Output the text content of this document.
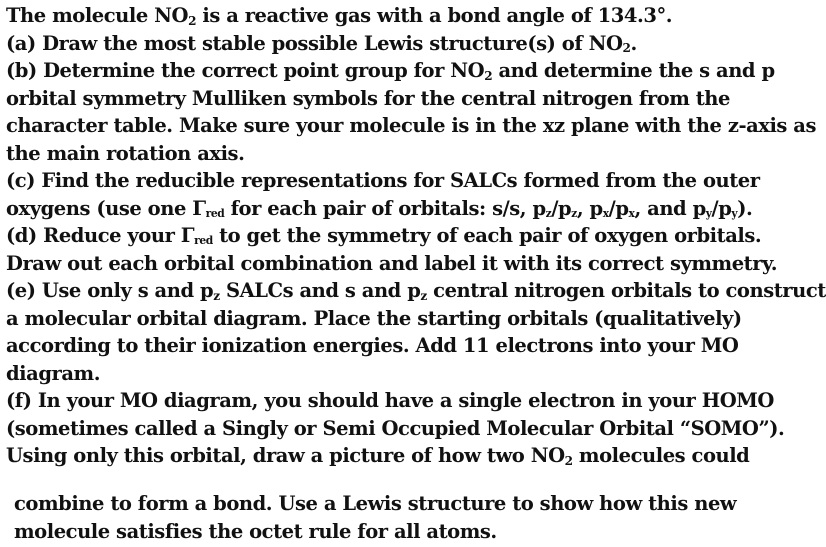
The molecule NO2 is a reactive gas with a bond angle of 134.3°.
(a) Draw the most stable possible Lewis structure(s) of NO2.
(b) Determine the correct point group for NO2 and determine the s and p
orbital symmetry Mulliken symbols for the central nitrogen from the
character table. Make sure your molecule is in the xz plane with the z-axis as
the main rotation axis.
(c) Find the reducible representations for SALCs formed from the outer
oxygens (use one Γred for each pair of orbitals: s/s, pz/pz, px/px, and py/py).
(d) Reduce your Γred to get the symmetry of each pair of oxygen orbitals.
Draw out each orbital combination and label it with its correct symmetry.
(e) Use only s and pz SALCs and s and pz central nitrogen orbitals to construct
a molecular orbital diagram. Place the starting orbitals (qualitatively)
according to their ionization energies. Add 11 electrons into your MO
diagram.
(f) In your MO diagram, you should have a single electron in your HOMO
(sometimes called a Singly or Semi Occupied Molecular Orbital “SOMO”).
Using only this orbital, draw a picture of how two NO2 molecules could
combine to form a bond. Use a Lewis structure to show how this new
molecule satisfies the octet rule for all atoms.
